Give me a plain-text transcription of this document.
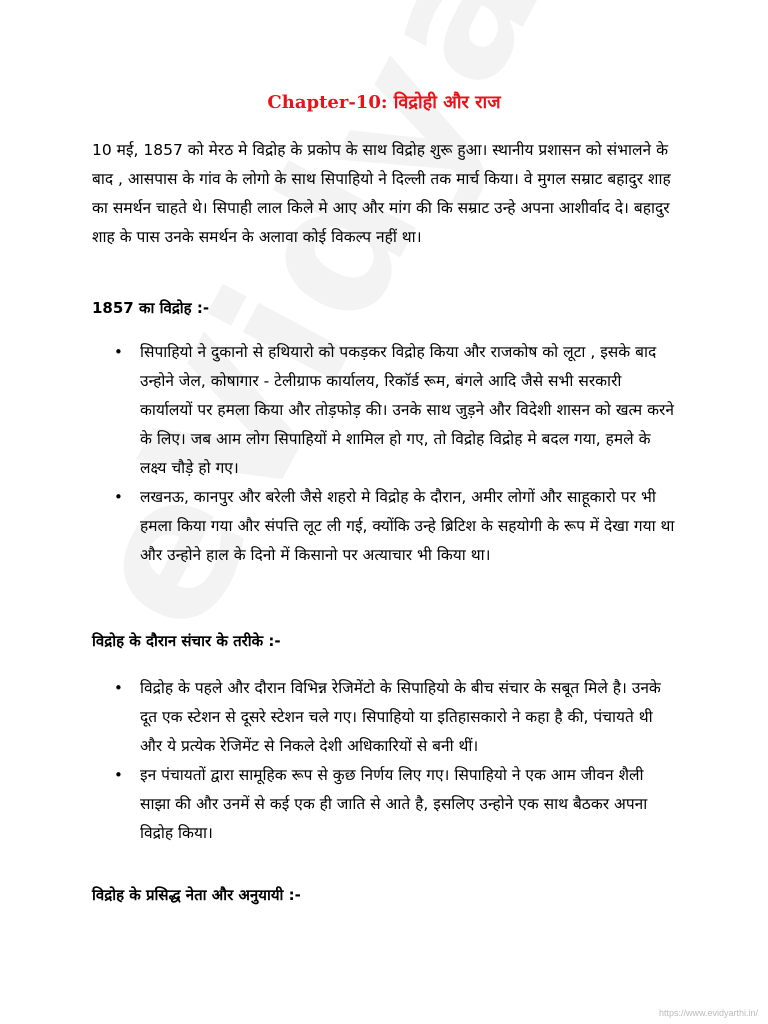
Chapter-10: विद्रोही और राज

10 मई, 1857 को मेरठ मे विद्रोह के प्रकोप के साथ विद्रोह शुरू हुआ। स्थानीय प्रशासन को संभालने के बाद , आसपास के गांव के लोगो के साथ सिपाहियो ने दिल्ली तक मार्च किया। वे मुगल सम्राट बहादुर शाह का समर्थन चाहते थे। सिपाही लाल किले मे आए और मांग की कि सम्राट उन्हे अपना आशीर्वाद दे। बहादुर शाह के पास उनके समर्थन के अलावा कोई विकल्प नहीं था।

1857 का विद्रोह :-
• सिपाहियो ने दुकानो से हथियारो को पकड़कर विद्रोह किया और राजकोष को लूटा , इसके बाद उन्होने जेल, कोषागार - टेलीग्राफ कार्यालय, रिकॉर्ड रूम, बंगले आदि जैसे सभी सरकारी कार्यालयों पर हमला किया और तोड़फोड़ की। उनके साथ जुड़ने और विदेशी शासन को खत्म करने के लिए। जब आम लोग सिपाहियों मे शामिल हो गए, तो विद्रोह विद्रोह मे बदल गया, हमले के लक्ष्य चौड़े हो गए।
• लखनऊ, कानपुर और बरेली जैसे शहरो मे विद्रोह के दौरान, अमीर लोगों और साहूकारो पर भी हमला किया गया और संपत्ति लूट ली गई, क्योंकि उन्हे ब्रिटिश के सहयोगी के रूप में देखा गया था और उन्होने हाल के दिनो में किसानो पर अत्याचार भी किया था।
विद्रोह के दौरान संचार के तरीके :-
• विद्रोह के पहले और दौरान विभिन्न रेजिमेंटो के सिपाहियो के बीच संचार के सबूत मिले है। उनके दूत एक स्टेशन से दूसरे स्टेशन चले गए। सिपाहियो या इतिहासकारो ने कहा है की, पंचायते थी और ये प्रत्येक रेजिमेंट से निकले देशी अधिकारियों से बनी थीं।
• इन पंचायतों द्वारा सामूहिक रूप से कुछ निर्णय लिए गए। सिपाहियो ने एक आम जीवन शैली साझा की और उनमें से कई एक ही जाति से आते है, इसलिए उन्होने एक साथ बैठकर अपना विद्रोह किया।
विद्रोह के प्रसिद्ध नेता और अनुयायी :-
https://www.evidyarthi.in/
